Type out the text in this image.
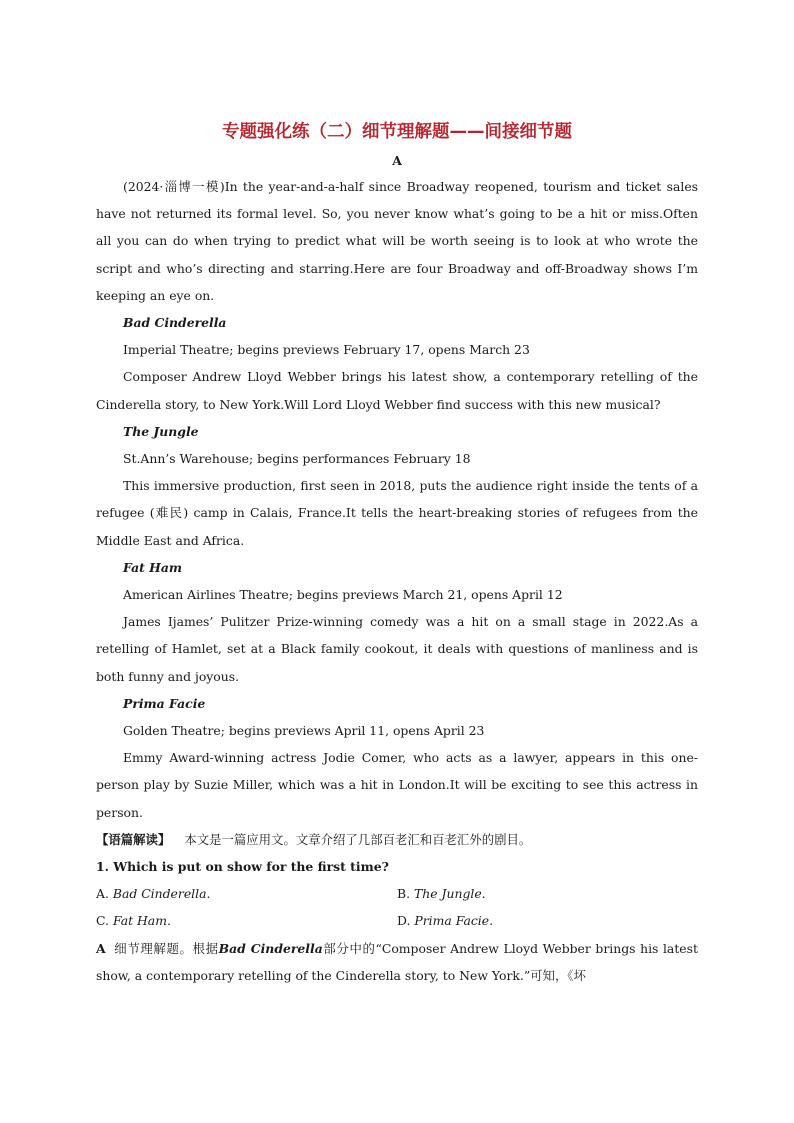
专题强化练（二）细节理解题——间接细节题

A

(2024·淄博一模)In the year-and-a-half since Broadway reopened, tourism and ticket sales have not returned its formal level. So, you never know what’s going to be a hit or miss.Often all you can do when trying to predict what will be worth seeing is to look at who wrote the script and who’s directing and starring.Here are four Broadway and off-Broadway shows I’m keeping an eye on.

Bad Cinderella

Imperial Theatre; begins previews February 17, opens March 23

Composer Andrew Lloyd Webber brings his latest show, a contemporary retelling of the Cinderella story, to New York.Will Lord Lloyd Webber find success with this new musical?

The Jungle

St.Ann’s Warehouse; begins performances February 18

This immersive production, first seen in 2018, puts the audience right inside the tents of a refugee (难民) camp in Calais, France.It tells the heart-breaking stories of refugees from the Middle East and Africa.

Fat Ham

American Airlines Theatre; begins previews March 21, opens April 12

James Ijames’ Pulitzer Prize-winning comedy was a hit on a small stage in 2022.As a retelling of Hamlet, set at a Black family cookout, it deals with questions of manliness and is both funny and joyous.

Prima Facie

Golden Theatre; begins previews April 11, opens April 23

Emmy Award-winning actress Jodie Comer, who acts as a lawyer, appears in this one-person play by Suzie Miller, which was a hit in London.It will be exciting to see this actress in person.

【语篇解读】 本文是一篇应用文。文章介绍了几部百老汇和百老汇外的剧目。

1. Which is put on show for the first time?

A. Bad Cinderella.	B. The Jungle.
C. Fat Ham.	D. Prima Facie.

A 细节理解题。根据Bad Cinderella部分中的“Composer Andrew Lloyd Webber brings his latest show, a contemporary retelling of the Cinderella story, to New York.”可知，《坏
